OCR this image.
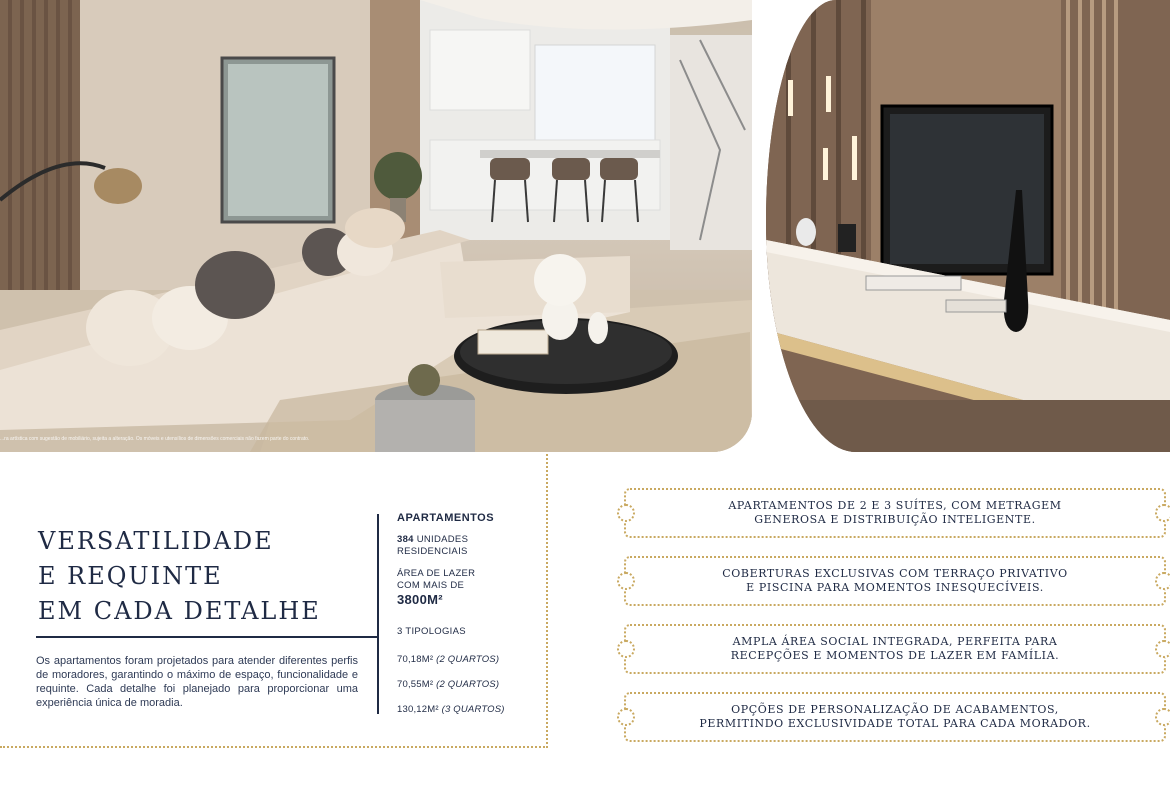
...ra artística com sugestão de mobiliário, sujeita a alteração. Os móveis e utensílios de dimensões comerciais não fazem parte do contrato.
VERSATILIDADE
E REQUINTE
EM CADA DETALHE

Os apartamentos foram projetados para atender diferentes perfis de moradores, garantindo o máximo de espaço, funcionalidade e requinte. Cada detalhe foi planejado para proporcionar uma experiência única de moradia.

APARTAMENTOS
384 UNIDADES
RESIDENCIAIS
ÁREA DE LAZER
COM MAIS DE
3800M²
3 TIPOLOGIAS
70,18M² (2 QUARTOS)
70,55M² (2 QUARTOS)
130,12M² (3 QUARTOS)
APARTAMENTOS DE 2 E 3 SUÍTES, COM METRAGEM
GENEROSA E DISTRIBUIÇÃO INTELIGENTE.
COBERTURAS EXCLUSIVAS COM TERRAÇO PRIVATIVO
E PISCINA PARA MOMENTOS INESQUECÍVEIS.
AMPLA ÁREA SOCIAL INTEGRADA, PERFEITA PARA
RECEPÇÕES E MOMENTOS DE LAZER EM FAMÍLIA.
OPÇÕES DE PERSONALIZAÇÃO DE ACABAMENTOS,
PERMITINDO EXCLUSIVIDADE TOTAL PARA CADA MORADOR.
